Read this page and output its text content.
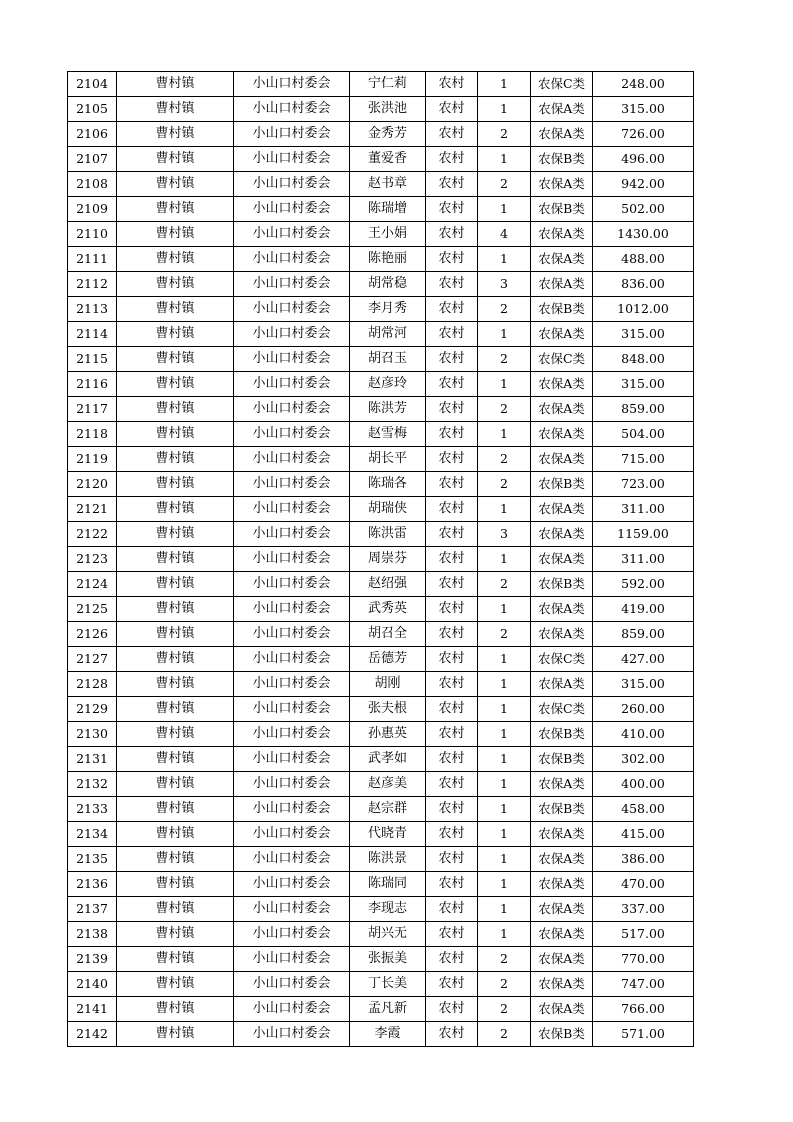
2104	曹村镇	小山口村委会	宁仁莉	农村	1	农保C类	248.00
2105	曹村镇	小山口村委会	张洪池	农村	1	农保A类	315.00
2106	曹村镇	小山口村委会	金秀芳	农村	2	农保A类	726.00
2107	曹村镇	小山口村委会	董爱香	农村	1	农保B类	496.00
2108	曹村镇	小山口村委会	赵书章	农村	2	农保A类	942.00
2109	曹村镇	小山口村委会	陈瑞增	农村	1	农保B类	502.00
2110	曹村镇	小山口村委会	王小娟	农村	4	农保A类	1430.00
2111	曹村镇	小山口村委会	陈艳丽	农村	1	农保A类	488.00
2112	曹村镇	小山口村委会	胡常稳	农村	3	农保A类	836.00
2113	曹村镇	小山口村委会	李月秀	农村	2	农保B类	1012.00
2114	曹村镇	小山口村委会	胡常河	农村	1	农保A类	315.00
2115	曹村镇	小山口村委会	胡召玉	农村	2	农保C类	848.00
2116	曹村镇	小山口村委会	赵彦玲	农村	1	农保A类	315.00
2117	曹村镇	小山口村委会	陈洪芳	农村	2	农保A类	859.00
2118	曹村镇	小山口村委会	赵雪梅	农村	1	农保A类	504.00
2119	曹村镇	小山口村委会	胡长平	农村	2	农保A类	715.00
2120	曹村镇	小山口村委会	陈瑞各	农村	2	农保B类	723.00
2121	曹村镇	小山口村委会	胡瑞侠	农村	1	农保A类	311.00
2122	曹村镇	小山口村委会	陈洪雷	农村	3	农保A类	1159.00
2123	曹村镇	小山口村委会	周崇芬	农村	1	农保A类	311.00
2124	曹村镇	小山口村委会	赵绍强	农村	2	农保B类	592.00
2125	曹村镇	小山口村委会	武秀英	农村	1	农保A类	419.00
2126	曹村镇	小山口村委会	胡召全	农村	2	农保A类	859.00
2127	曹村镇	小山口村委会	岳德芳	农村	1	农保C类	427.00
2128	曹村镇	小山口村委会	胡刚	农村	1	农保A类	315.00
2129	曹村镇	小山口村委会	张夫根	农村	1	农保C类	260.00
2130	曹村镇	小山口村委会	孙惠英	农村	1	农保B类	410.00
2131	曹村镇	小山口村委会	武孝如	农村	1	农保B类	302.00
2132	曹村镇	小山口村委会	赵彦美	农村	1	农保A类	400.00
2133	曹村镇	小山口村委会	赵宗群	农村	1	农保B类	458.00
2134	曹村镇	小山口村委会	代晓青	农村	1	农保A类	415.00
2135	曹村镇	小山口村委会	陈洪景	农村	1	农保A类	386.00
2136	曹村镇	小山口村委会	陈瑞同	农村	1	农保A类	470.00
2137	曹村镇	小山口村委会	李现志	农村	1	农保A类	337.00
2138	曹村镇	小山口村委会	胡兴无	农村	1	农保A类	517.00
2139	曹村镇	小山口村委会	张振美	农村	2	农保A类	770.00
2140	曹村镇	小山口村委会	丁长美	农村	2	农保A类	747.00
2141	曹村镇	小山口村委会	孟凡新	农村	2	农保A类	766.00
2142	曹村镇	小山口村委会	李霞	农村	2	农保B类	571.00
